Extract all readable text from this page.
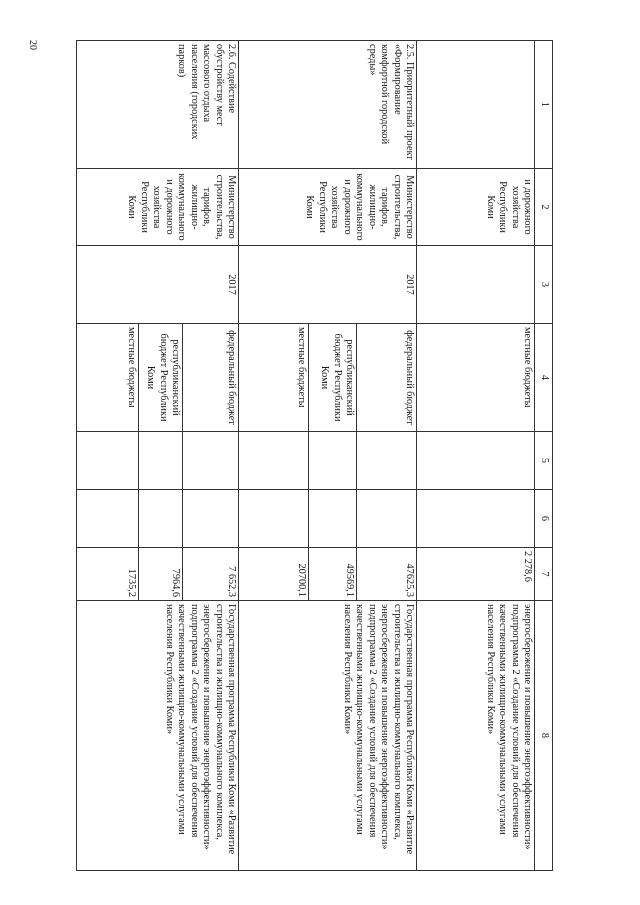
20
1	2	3	4	5	6	7	8
	и дорожного хозяйства Республики Коми		местные бюджеты			2 278,6	энергосбережение и повышение энергоэффективности» подпрограмма 2 «Создание условий для обеспечения качественными жилищно-коммунальными услугами населения Республики Коми»
2.5. Приоритетный проект «Формирование комфортной городской среды»	Министерство строительства, тарифов, жилищно-коммунального и дорожного хозяйства Республики Коми	2017	федеральный бюджет			47625,3	Государственная программа Республики Коми «Развитие строительства и жилищно-коммунального комплекса, энергосбережение и повышение энергоэффективности» подпрограмма 2 «Создание условий для обеспечения качественными жилищно-коммунальными услугами населения Республики Коми»
			республиканский бюджет Республики Коми			49569,1	
			местные бюджеты			20700,1	
2.6. Содействие обустройству мест массового отдыха населения (городских парков)	Министерство строительства, тарифов, жилищно-коммунального и дорожного хозяйства Республики Коми	2017	федеральный бюджет			7 652,3	Государственная программа Республики Коми «Развитие строительства и жилищно-коммунального комплекса, энергосбережение и повышение энергоэффективности» подпрограмма 2 «Создание условий для обеспечения качественными жилищно-коммунальными услугами населения Республики Коми»
			республиканский бюджет Республики Коми			7964,6	
			местные бюджеты			1735,2	
